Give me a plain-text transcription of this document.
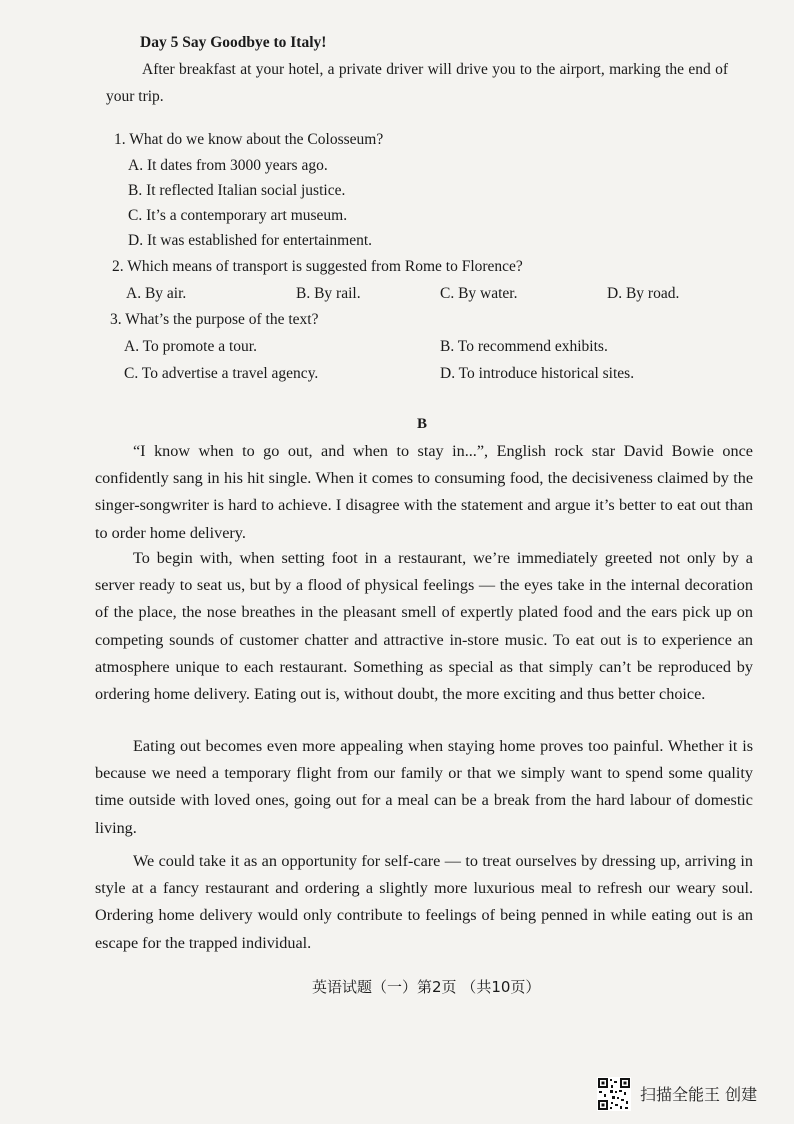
Day 5 Say Goodbye to Italy!
After breakfast at your hotel, a private driver will drive you to the airport, marking the end of your trip.
1. What do we know about the Colosseum?
A. It dates from 3000 years ago.
B. It reflected Italian social justice.
C. It’s a contemporary art museum.
D. It was established for entertainment.
2. Which means of transport is suggested from Rome to Florence?
A. By air.	B. By rail.	C. By water.	D. By road.
3. What’s the purpose of the text?
A. To promote a tour.	B. To recommend exhibits.
C. To advertise a travel agency.	D. To introduce historical sites.
B
“I know when to go out, and when to stay in...”, English rock star David Bowie once confidently sang in his hit single. When it comes to consuming food, the decisiveness claimed by the singer-songwriter is hard to achieve. I disagree with the statement and argue it’s better to eat out than to order home delivery.
To begin with, when setting foot in a restaurant, we’re immediately greeted not only by a server ready to seat us, but by a flood of physical feelings — the eyes take in the internal decoration of the place, the nose breathes in the pleasant smell of expertly plated food and the ears pick up on competing sounds of customer chatter and attractive in-store music. To eat out is to experience an atmosphere unique to each restaurant. Something as special as that simply can’t be reproduced by ordering home delivery. Eating out is, without doubt, the more exciting and thus better choice.
Eating out becomes even more appealing when staying home proves too painful. Whether it is because we need a temporary flight from our family or that we simply want to spend some quality time outside with loved ones, going out for a meal can be a break from the hard labour of domestic living.
We could take it as an opportunity for self-care — to treat ourselves by dressing up, arriving in style at a fancy restaurant and ordering a slightly more luxurious meal to refresh our weary soul. Ordering home delivery would only contribute to feelings of being penned in while eating out is an escape for the trapped individual.
英语试题（一）第2页 （共10页）
扫描全能王 创建
